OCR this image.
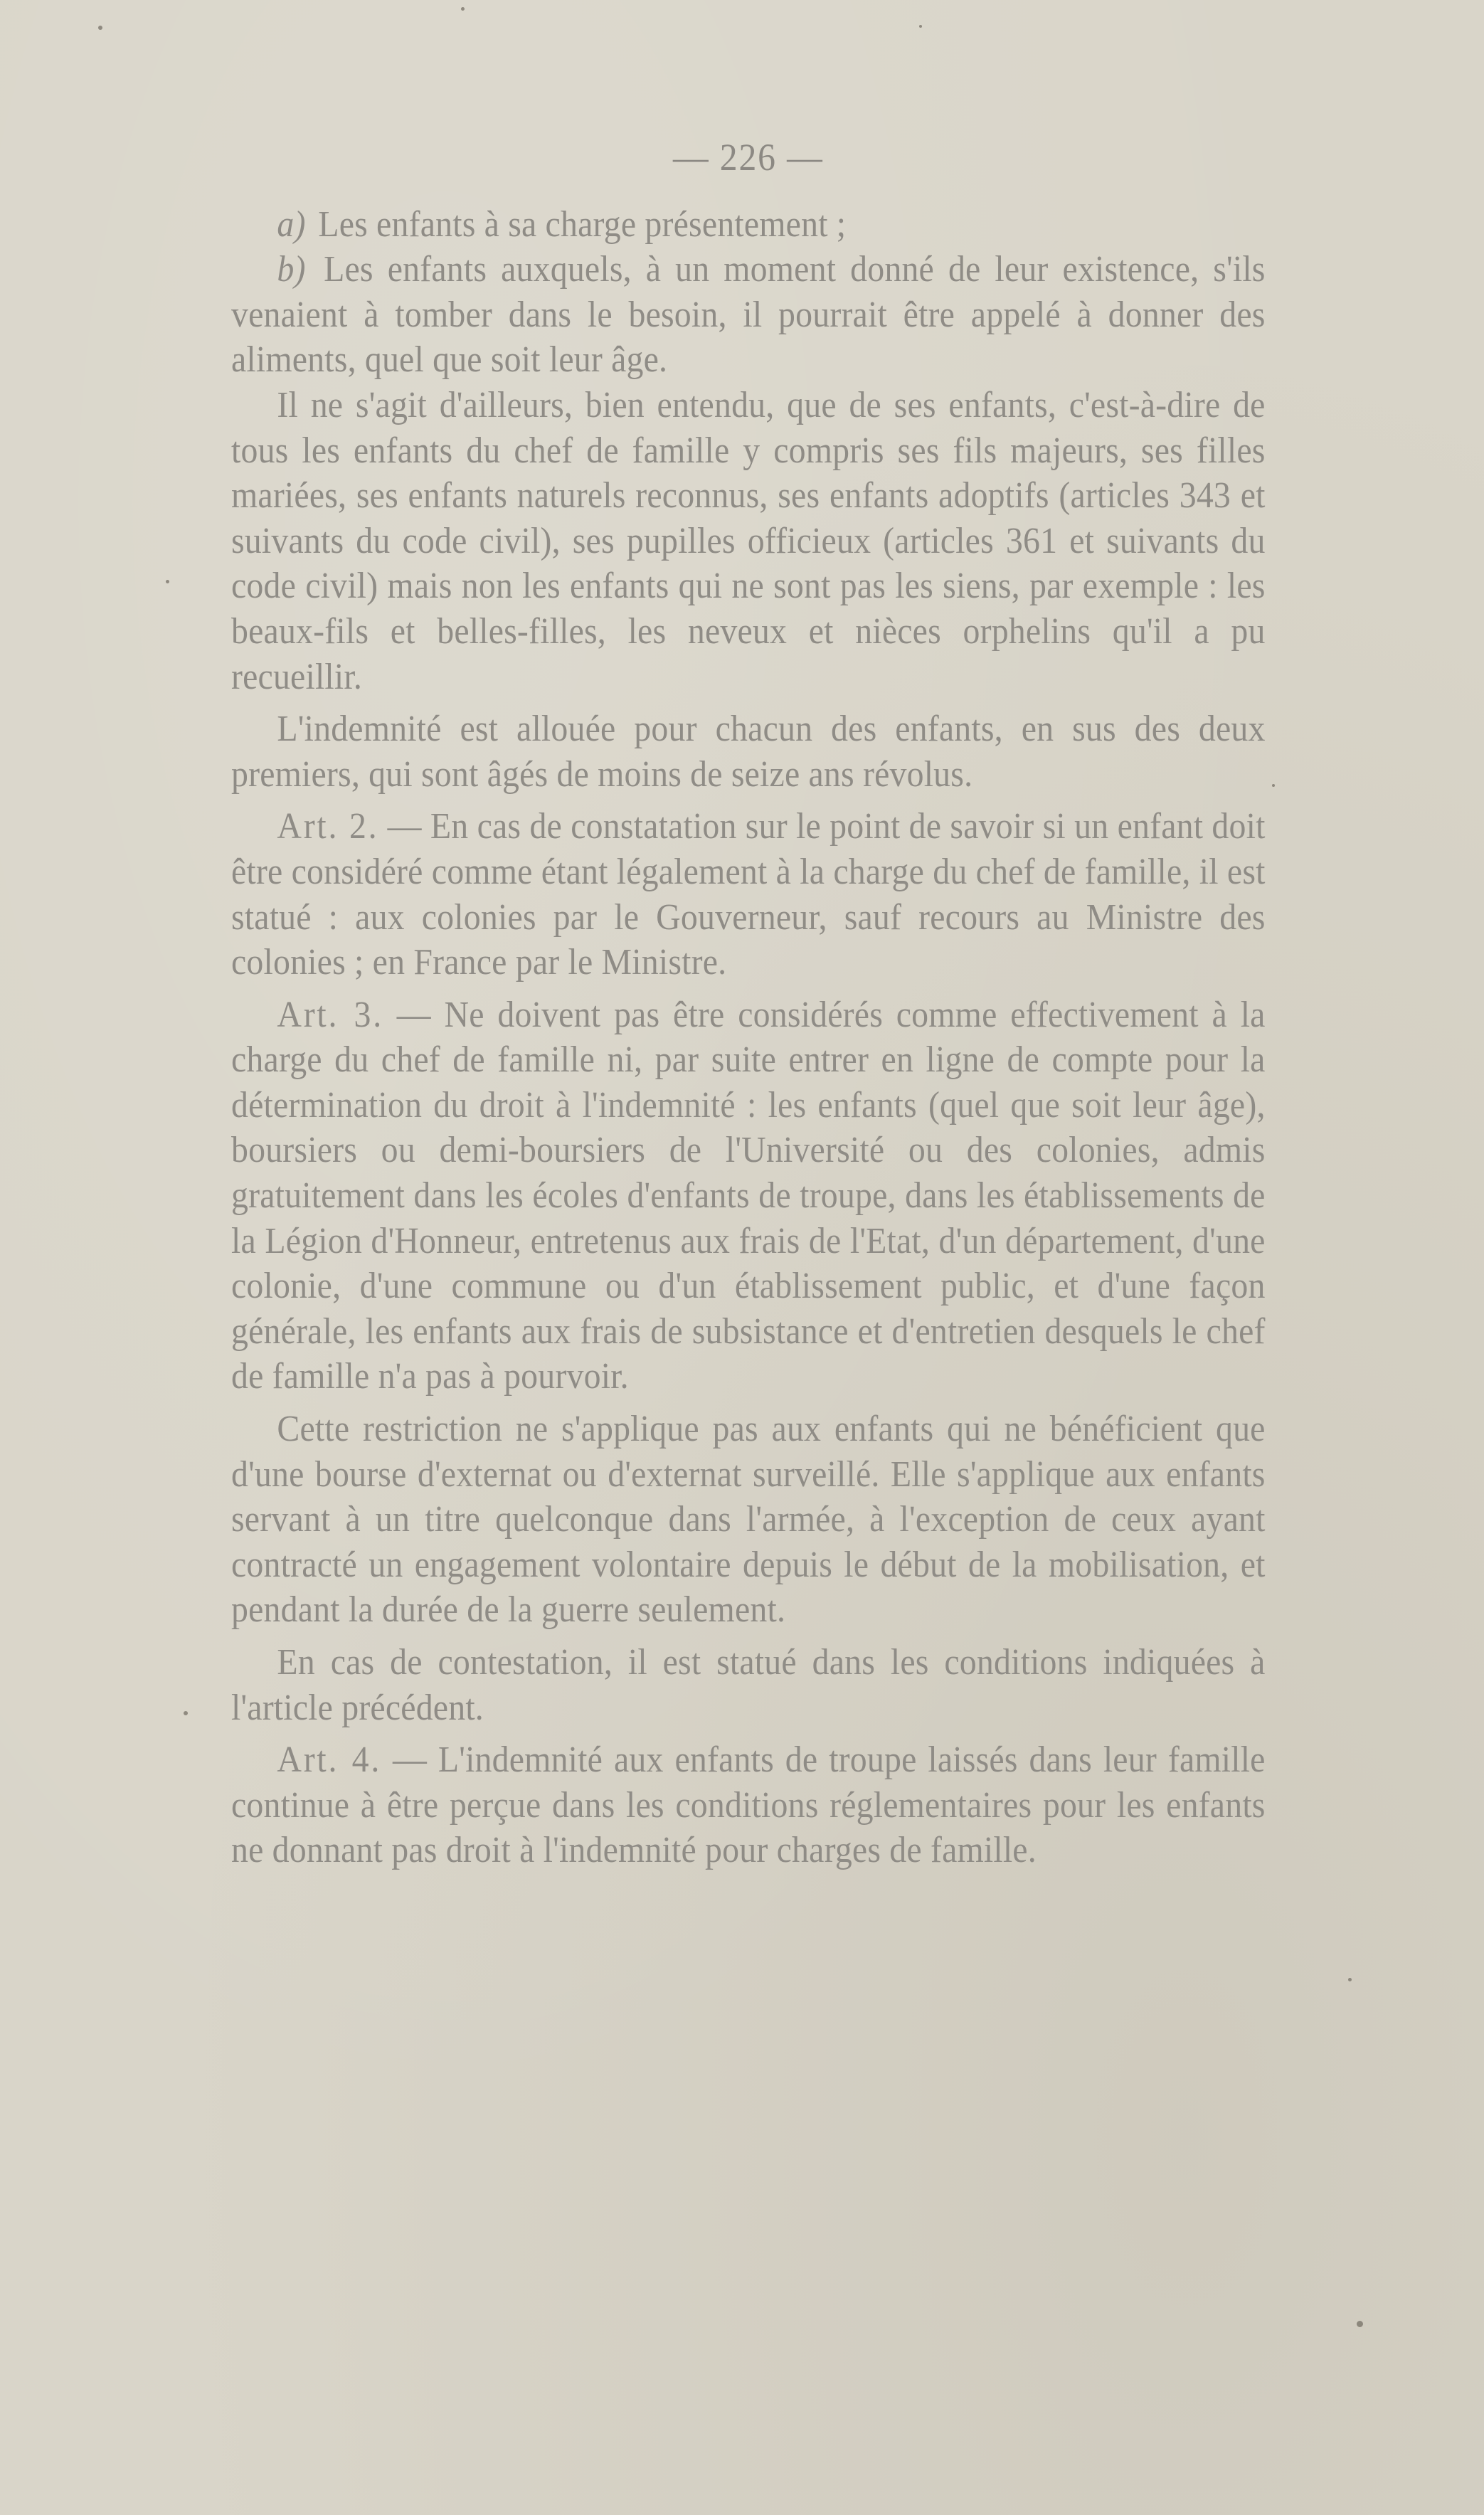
— 226 —

a) Les enfants à sa charge présentement ;

b) Les enfants auxquels, à un moment donné de leur existence, s'ils venaient à tomber dans le besoin, il pourrait être appelé à donner des aliments, quel que soit leur âge.

Il ne s'agit d'ailleurs, bien entendu, que de ses enfants, c'est-à-dire de tous les enfants du chef de famille y compris ses fils majeurs, ses filles mariées, ses enfants naturels reconnus, ses enfants adoptifs (articles 343 et suivants du code civil), ses pupilles officieux (articles 361 et suivants du code civil) mais non les enfants qui ne sont pas les siens, par exemple : les beaux-fils et belles-filles, les neveux et nièces orphelins qu'il a pu recueillir.

L'indemnité est allouée pour chacun des enfants, en sus des deux premiers, qui sont âgés de moins de seize ans révolus.

Art. 2. — En cas de constatation sur le point de savoir si un enfant doit être considéré comme étant légalement à la charge du chef de famille, il est statué : aux colonies par le Gouverneur, sauf recours au Ministre des colonies ; en France par le Ministre.

Art. 3. — Ne doivent pas être considérés comme effectivement à la charge du chef de famille ni, par suite entrer en ligne de compte pour la détermination du droit à l'indemnité : les enfants (quel que soit leur âge), boursiers ou demi-boursiers de l'Université ou des colonies, admis gratuitement dans les écoles d'enfants de troupe, dans les établissements de la Légion d'Honneur, entretenus aux frais de l'Etat, d'un département, d'une colonie, d'une commune ou d'un établissement public, et d'une façon générale, les enfants aux frais de subsistance et d'entretien desquels le chef de famille n'a pas à pourvoir.

Cette restriction ne s'applique pas aux enfants qui ne bénéficient que d'une bourse d'externat ou d'externat surveillé. Elle s'applique aux enfants servant à un titre quelconque dans l'armée, à l'exception de ceux ayant contracté un engagement volontaire depuis le début de la mobilisation, et pendant la durée de la guerre seulement.

En cas de contestation, il est statué dans les conditions indiquées à l'article précédent.

Art. 4. — L'indemnité aux enfants de troupe laissés dans leur famille continue à être perçue dans les conditions réglementaires pour les enfants ne donnant pas droit à l'indemnité pour charges de famille.
